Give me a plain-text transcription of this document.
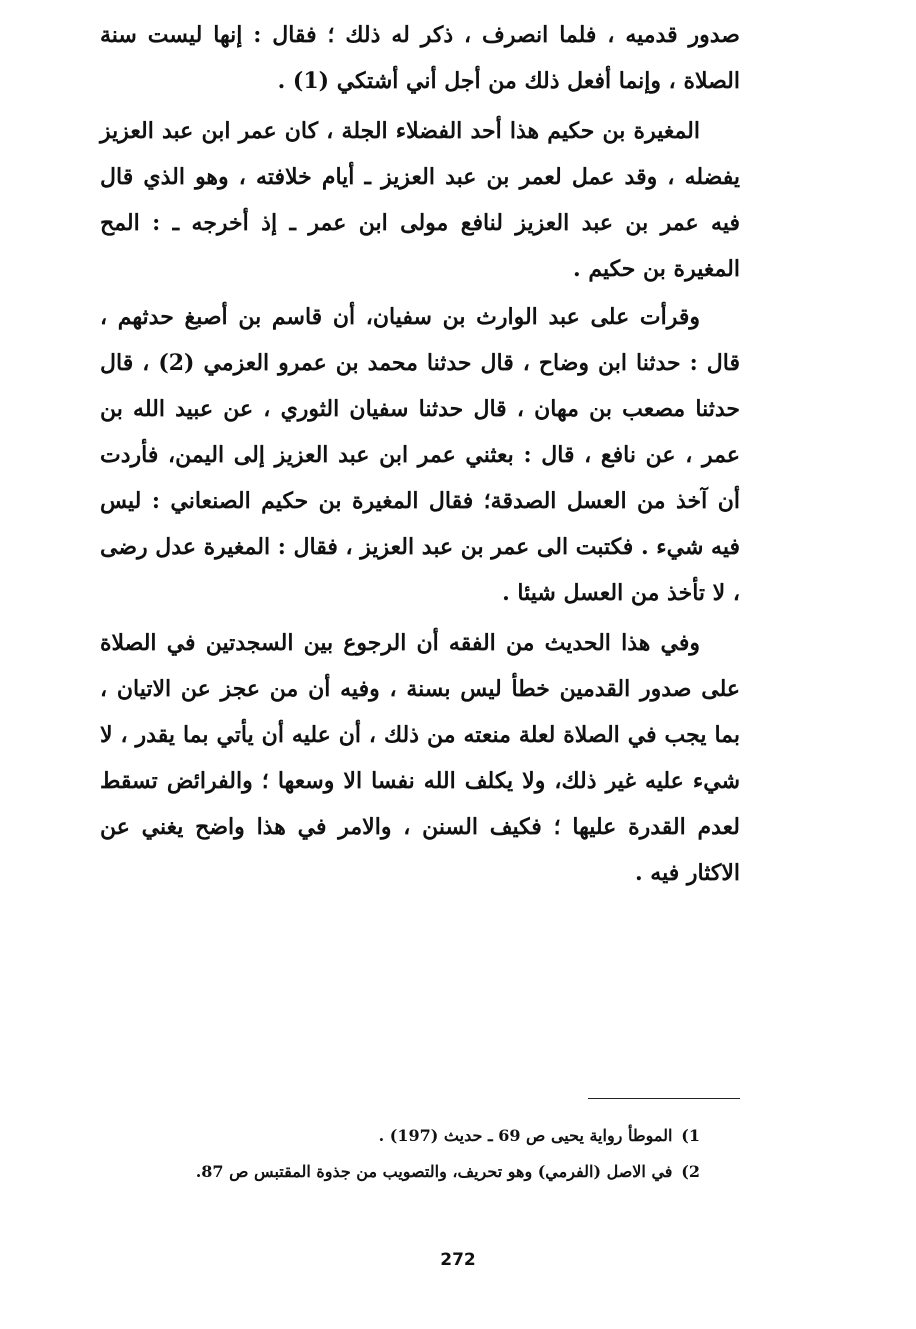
صدور قدميه ، فلما انصرف ، ذكر له ذلك ؛ فقال : إنها ليست سنة الصلاة ، وإنما أفعل ذلك من أجل أني أشتكي (1) .

المغيرة بن حكيم هذا أحد الفضلاء الجلة ، كان عمر ابن عبد العزيز يفضله ، وقد عمل لعمر بن عبد العزيز ـ أيام خلافته ، وهو الذي قال فيه عمر بن عبد العزيز لنافع مولى ابن عمر ـ إذ أخرجه ـ : المح المغيرة بن حكيم .

وقرأت على عبد الوارث بن سفيان، أن قاسم بن أصبغ حدثهم ، قال : حدثنا ابن وضاح ، قال حدثنا محمد بن عمرو العزمي (2) ، قال حدثنا مصعب بن مهان ، قال حدثنا سفيان الثوري ، عن عبيد الله بن عمر ، عن نافع ، قال : بعثني عمر ابن عبد العزيز إلى اليمن، فأردت أن آخذ من العسل الصدقة؛ فقال المغيرة بن حكيم الصنعاني : ليس فيه شيء . فكتبت الى عمر بن عبد العزيز ، فقال : المغيرة عدل رضى ، لا تأخذ من العسل شيئا .

وفي هذا الحديث من الفقه أن الرجوع بين السجدتين في الصلاة على صدور القدمين خطأ ليس بسنة ، وفيه أن من عجز عن الاتيان ، بما يجب في الصلاة لعلة منعته من ذلك ، أن عليه أن يأتي بما يقدر ، لا شيء عليه غير ذلك، ولا يكلف الله نفسا الا وسعها ؛ والفرائض تسقط لعدم القدرة عليها ؛ فكيف السنن ، والامر في هذا واضح يغني عن الاكثار فيه .

1) الموطأ رواية يحيى ص 69 ـ حديث (197) .

2) في الاصل (الفرمي) وهو تحريف، والتصويب من جذوة المقتبس ص 87.

272
